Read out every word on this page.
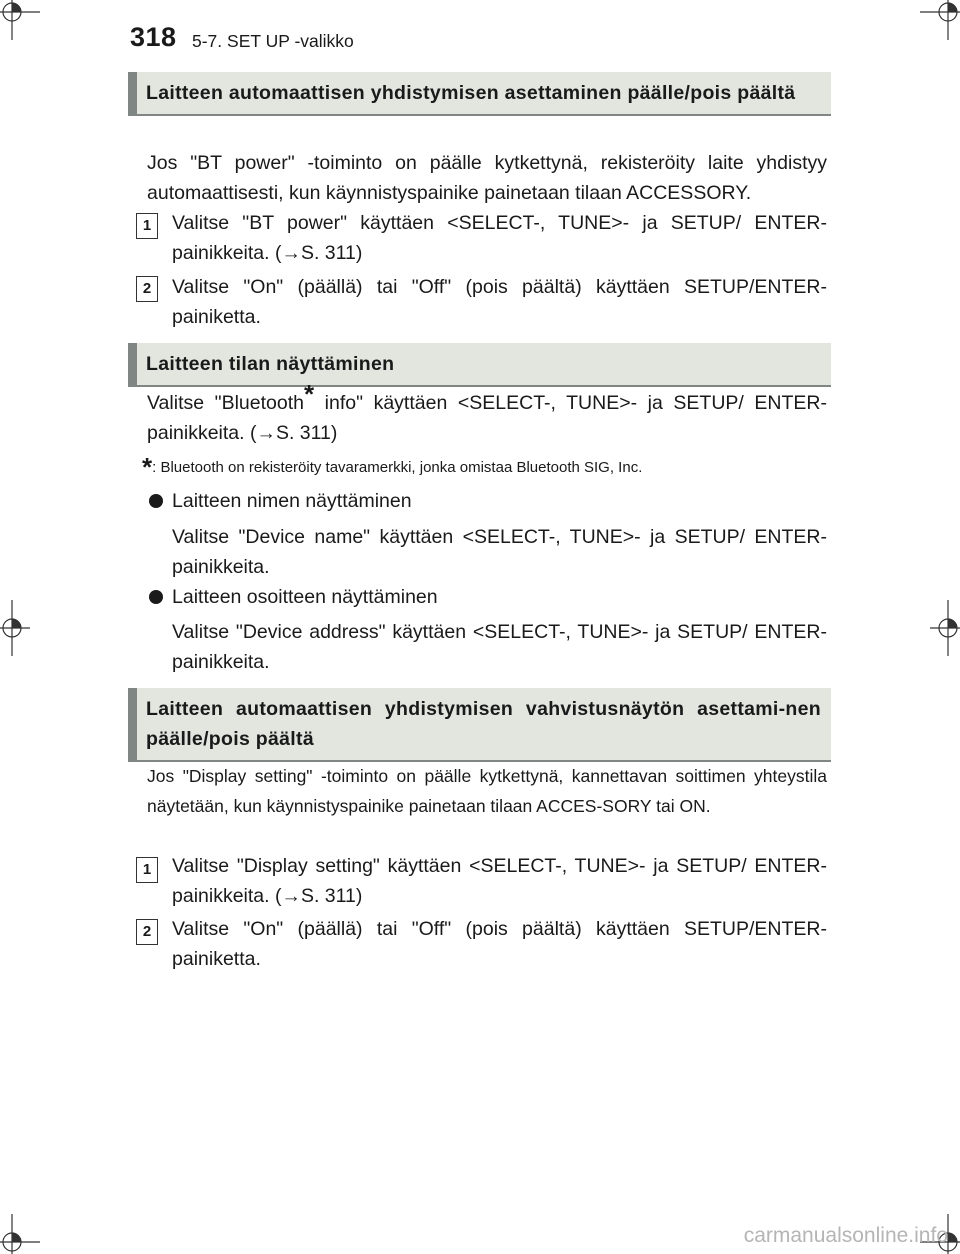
318 5-7. SET UP -valikko
Laitteen automaattisen yhdistymisen asettaminen päälle/pois päältä
Jos "BT power" -toiminto on päälle kytkettynä, rekisteröity laite yhdistyy automaattisesti, kun käynnistyspainike painetaan tilaan ACCESSORY.
1	Valitse "BT power" käyttäen <SELECT-, TUNE>- ja SETUP/ ENTER-painikkeita. (→S. 311)
2	Valitse "On" (päällä) tai "Off" (pois päältä) käyttäen SETUP/ENTER-painiketta.
Laitteen tilan näyttäminen
Valitse "Bluetooth* info" käyttäen <SELECT-, TUNE>- ja SETUP/ ENTER-painikkeita. (→S. 311)
*: Bluetooth on rekisteröity tavaramerkki, jonka omistaa Bluetooth SIG, Inc.
Laitteen nimen näyttäminen
Valitse "Device name" käyttäen <SELECT-, TUNE>- ja SETUP/ ENTER-painikkeita.
Laitteen osoitteen näyttäminen
Valitse "Device address" käyttäen <SELECT-, TUNE>- ja SETUP/ ENTER-painikkeita.
Laitteen automaattisen yhdistymisen vahvistusnäytön asettami-nen päälle/pois päältä
Jos "Display setting" -toiminto on päälle kytkettynä, kannettavan soittimen yhteystila näytetään, kun käynnistyspainike painetaan tilaan ACCES-SORY tai ON.
1	Valitse "Display setting" käyttäen <SELECT-, TUNE>- ja SETUP/ ENTER-painikkeita. (→S. 311)
2	Valitse "On" (päällä) tai "Off" (pois päältä) käyttäen SETUP/ENTER-painiketta.
carmanualsonline.info
